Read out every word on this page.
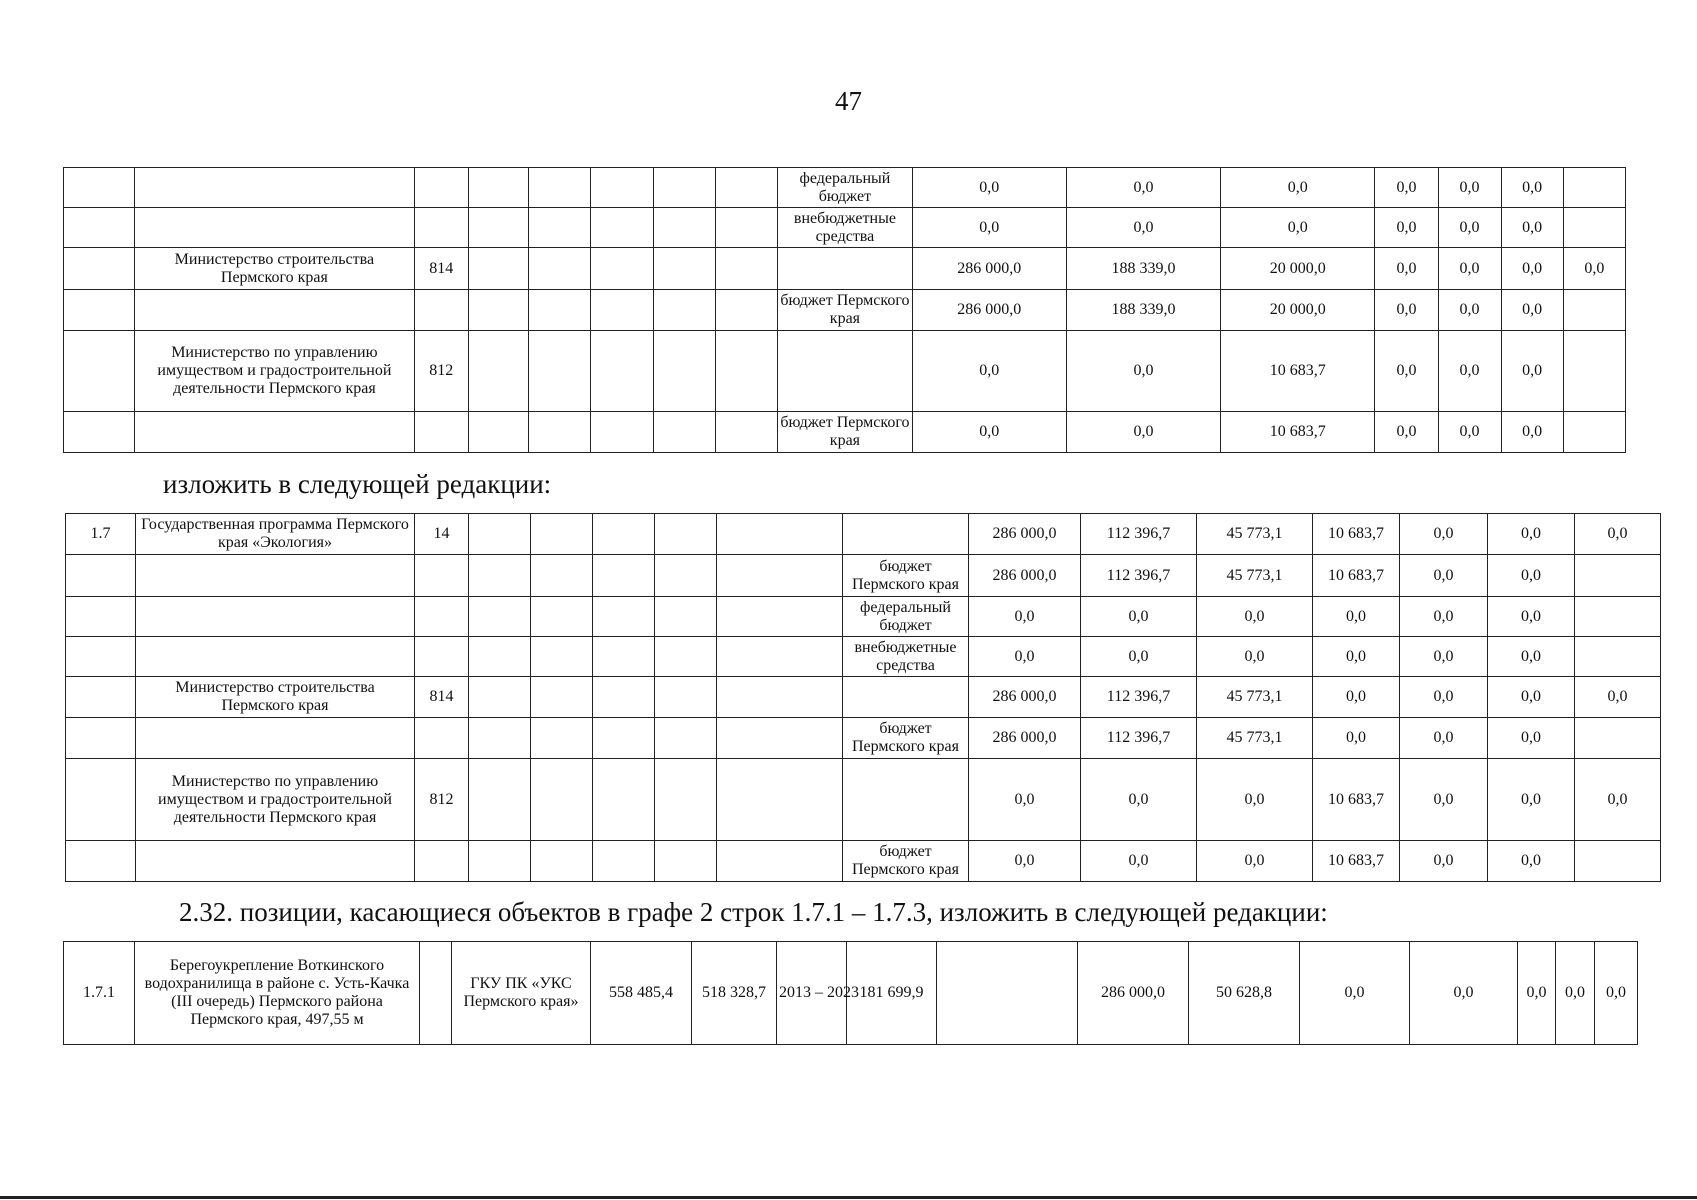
47
								федеральный бюджет	0,0	0,0	0,0	0,0	0,0	0,0	
								внебюджетные средства	0,0	0,0	0,0	0,0	0,0	0,0	
	Министерство строительства Пермского края	814							286 000,0	188 339,0	20 000,0	0,0	0,0	0,0	0,0
								бюджет Пермского края	286 000,0	188 339,0	20 000,0	0,0	0,0	0,0	
	Министерство по управлению имуществом и градостроительной деятельности Пермского края	812							0,0	0,0	10 683,7	0,0	0,0	0,0	
								бюджет Пермского края	0,0	0,0	10 683,7	0,0	0,0	0,0	
изложить в следующей редакции:
1.7	Государственная программа Пермского края «Экология»	14							286 000,0	112 396,7	45 773,1	10 683,7	0,0	0,0	0,0
								бюджет Пермского края	286 000,0	112 396,7	45 773,1	10 683,7	0,0	0,0	
								федеральный бюджет	0,0	0,0	0,0	0,0	0,0	0,0	
								внебюджетные средства	0,0	0,0	0,0	0,0	0,0	0,0	
	Министерство строительства Пермского края	814							286 000,0	112 396,7	45 773,1	0,0	0,0	0,0	0,0
								бюджет Пермского края	286 000,0	112 396,7	45 773,1	0,0	0,0	0,0	
	Министерство по управлению имуществом и градостроительной деятельности Пермского края	812							0,0	0,0	0,0	10 683,7	0,0	0,0	0,0
								бюджет Пермского края	0,0	0,0	0,0	10 683,7	0,0	0,0	
2.32. позиции, касающиеся объектов в графе 2 строк 1.7.1 – 1.7.3, изложить в следующей редакции:
1.7.1	Берегоукрепление Воткинского водохранилища в районе с. Усть-Качка (III очередь) Пермского района Пермского края, 497,55 м		ГКУ ПК «УКС Пермского края»	558 485,4	518 328,7	2013 – 2023	181 699,9		286 000,0	50 628,8	0,0	0,0	0,0	0,0	0,0
